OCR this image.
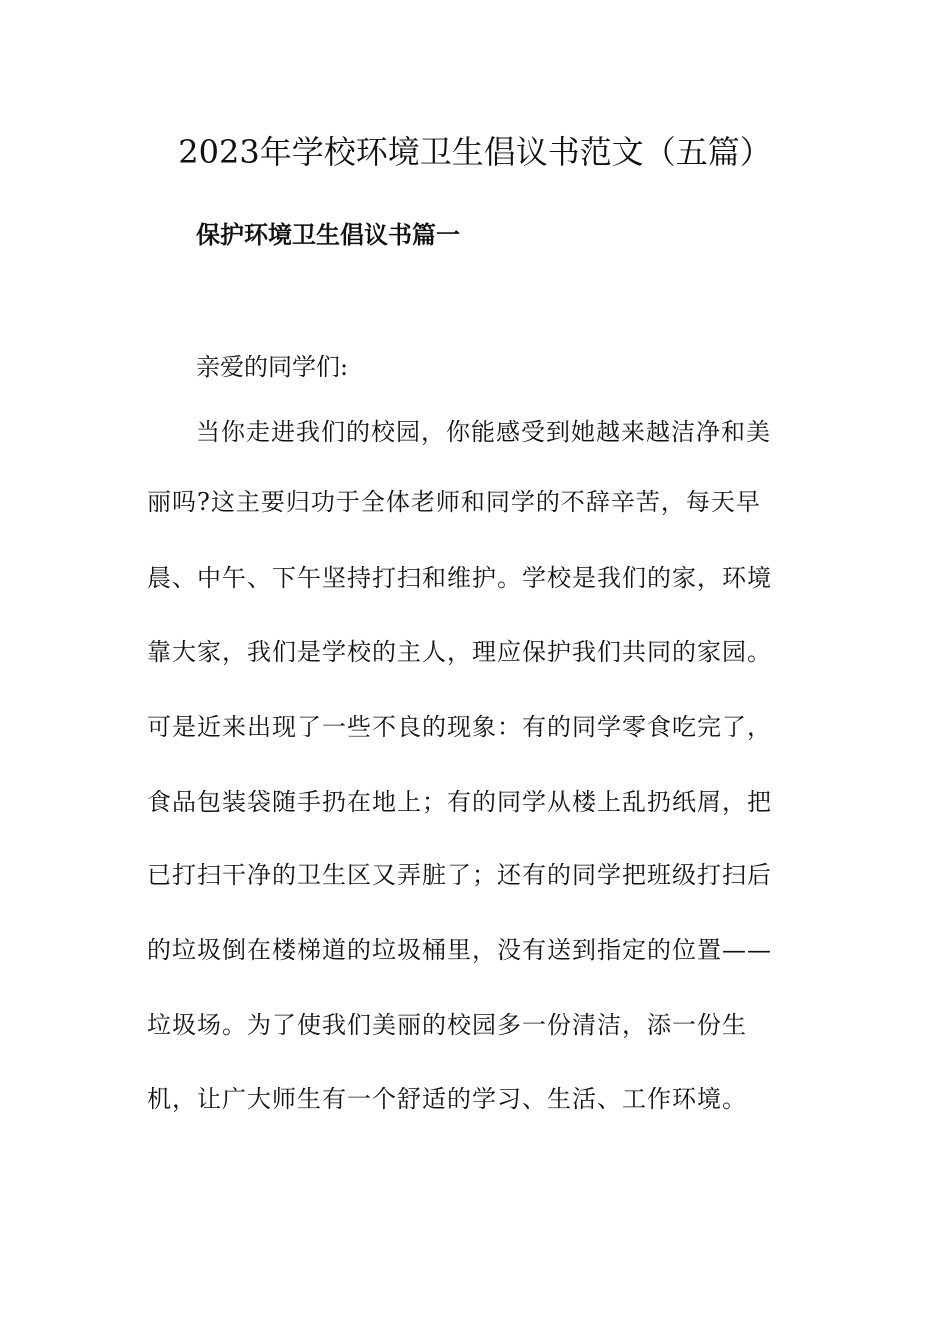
2023年学校环境卫生倡议书范文（五篇）
保护环境卫生倡议书篇一
亲爱的同学们:
当你走进我们的校园，你能感受到她越来越洁净和美
丽吗?这主要归功于全体老师和同学的不辞辛苦，每天早
晨、中午、下午坚持打扫和维护。学校是我们的家，环境
靠大家，我们是学校的主人，理应保护我们共同的家园。
可是近来出现了一些不良的现象：有的同学零食吃完了，
食品包装袋随手扔在地上；有的同学从楼上乱扔纸屑，把
已打扫干净的卫生区又弄脏了；还有的同学把班级打扫后
的垃圾倒在楼梯道的垃圾桶里，没有送到指定的位置——
垃圾场。为了使我们美丽的校园多一份清洁，添一份生
机，让广大师生有一个舒适的学习、生活、工作环境。
